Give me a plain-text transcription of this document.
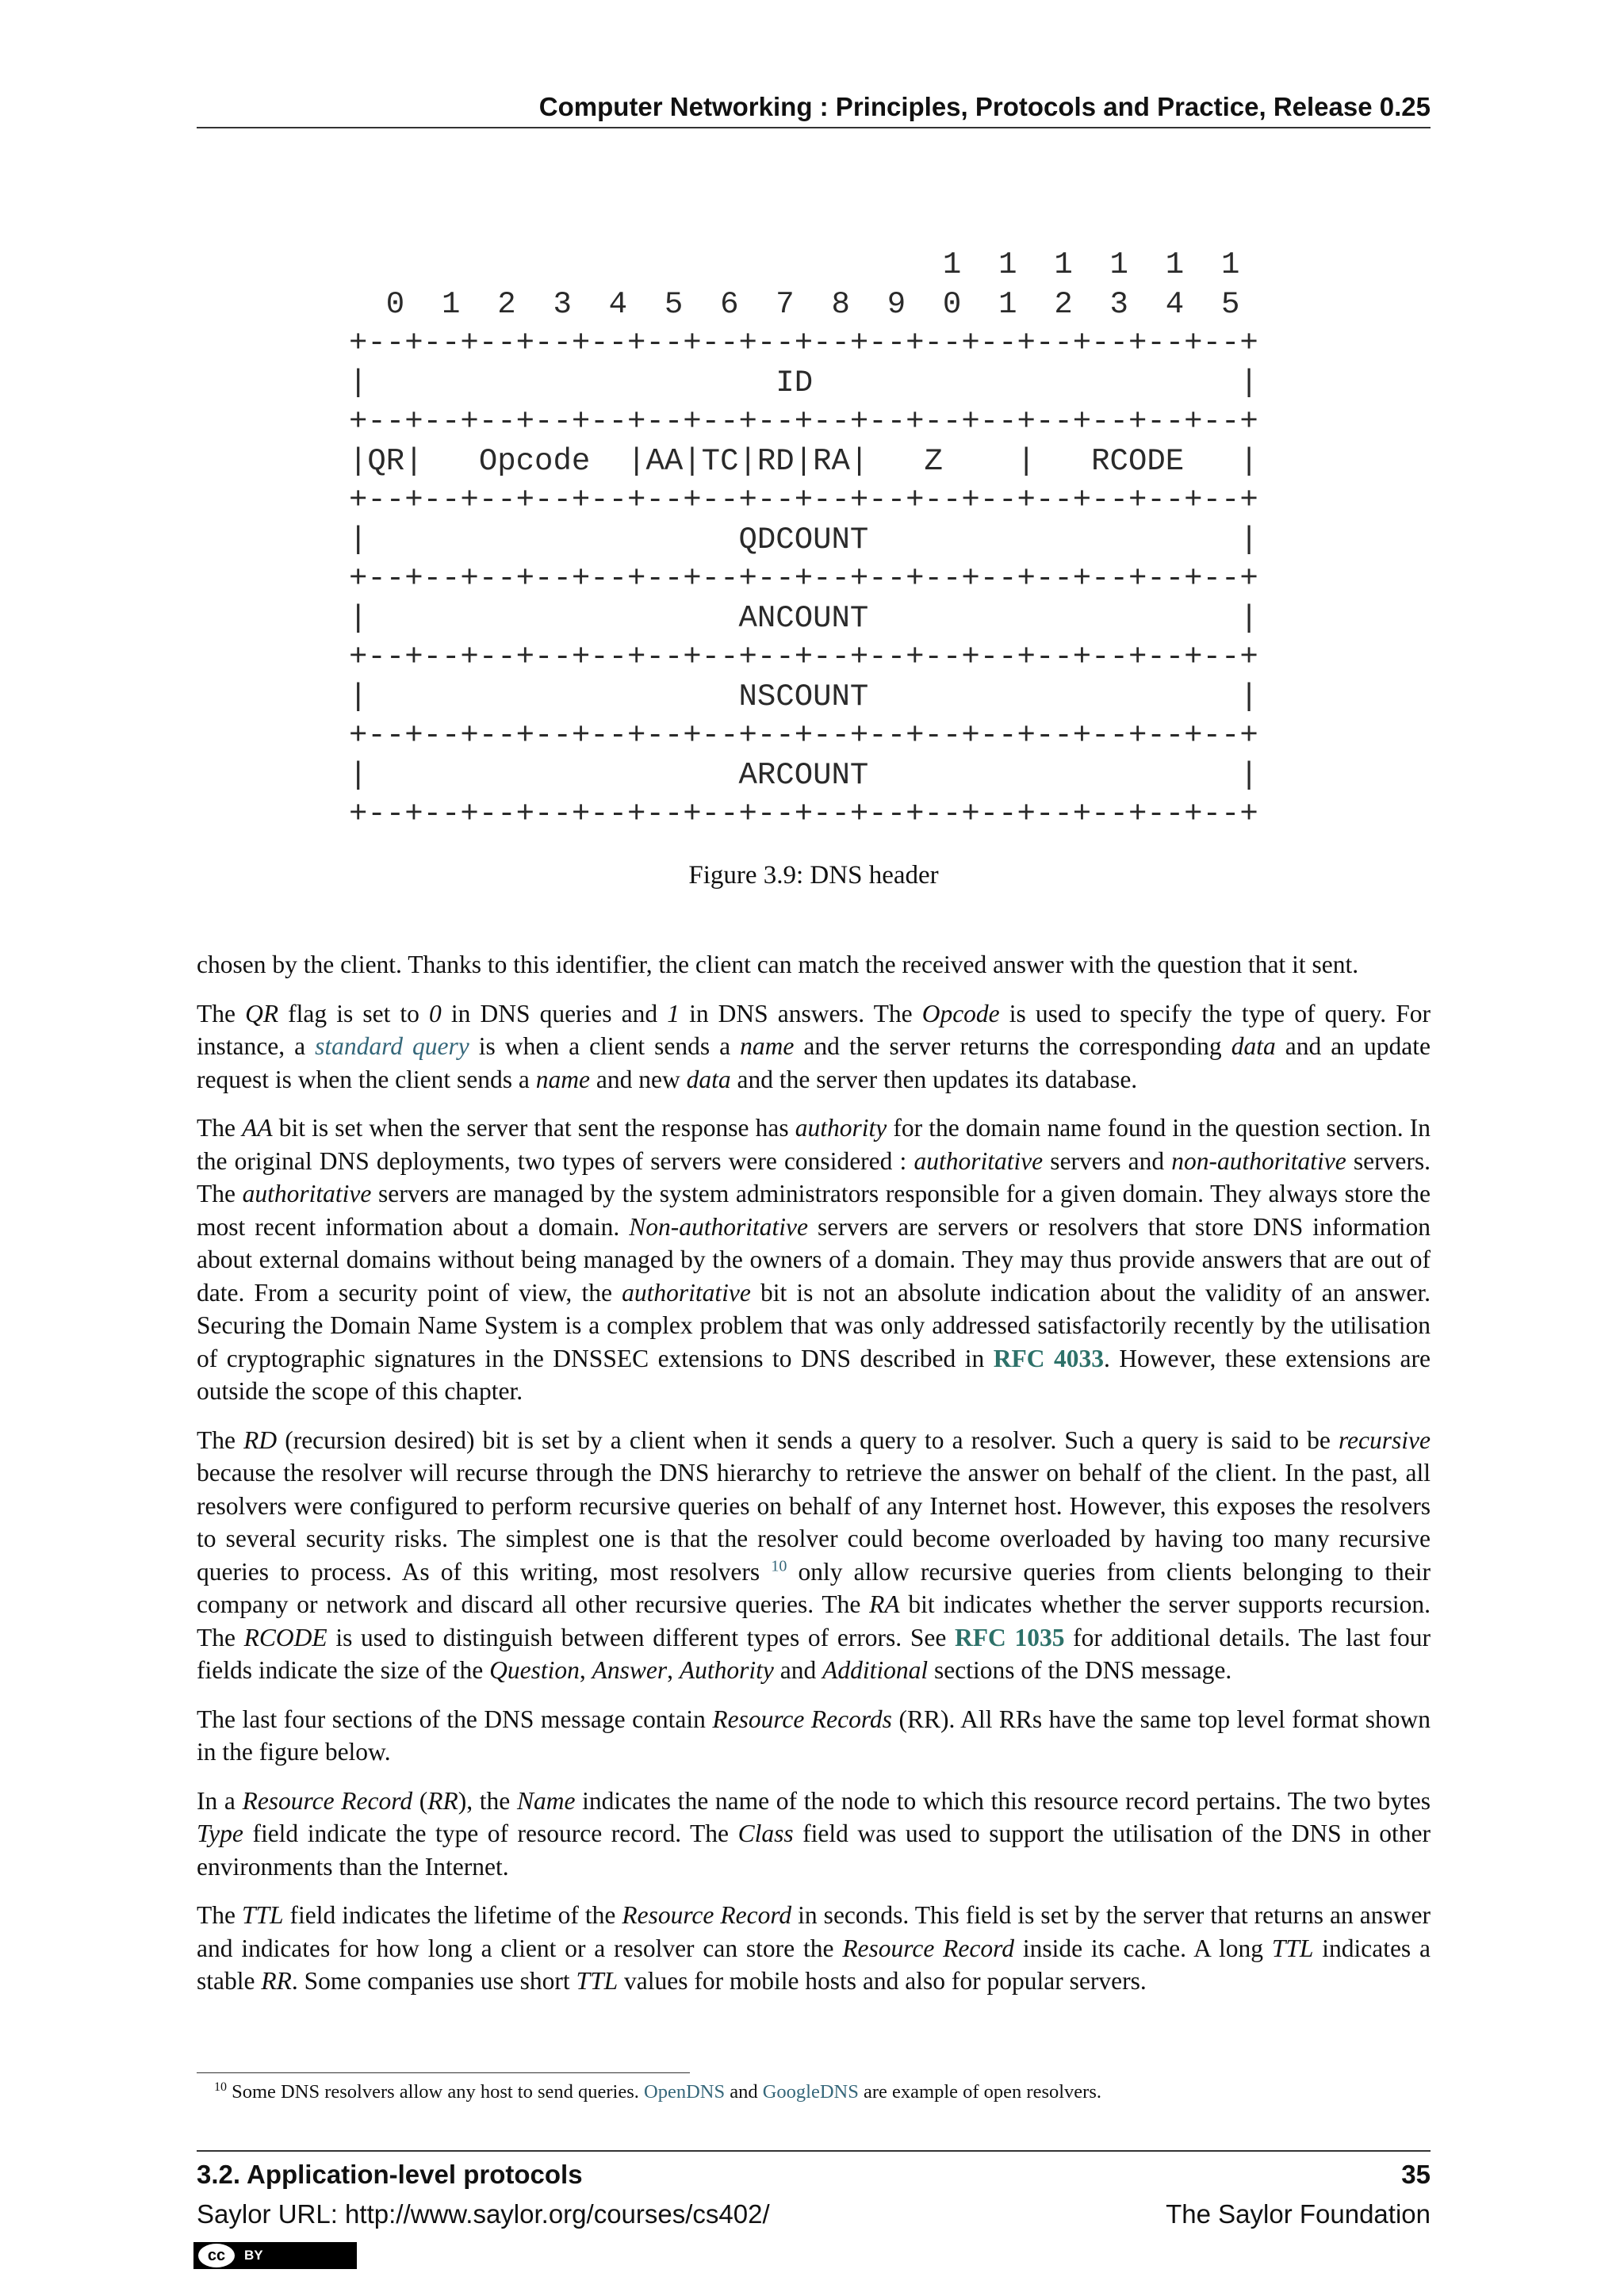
Computer Networking : Principles, Protocols and Practice, Release 0.25
1  1  1  1  1  1
0  1  2  3  4  5  6  7  8  9  0  1  2  3  4  5
+--+--+--+--+--+--+--+--+--+--+--+--+--+--+--+--+
|                      ID                       |
+--+--+--+--+--+--+--+--+--+--+--+--+--+--+--+--+
|QR|   Opcode  |AA|TC|RD|RA|   Z    |   RCODE   |
+--+--+--+--+--+--+--+--+--+--+--+--+--+--+--+--+
|                    QDCOUNT                    |
+--+--+--+--+--+--+--+--+--+--+--+--+--+--+--+--+
|                    ANCOUNT                    |
+--+--+--+--+--+--+--+--+--+--+--+--+--+--+--+--+
|                    NSCOUNT                    |
+--+--+--+--+--+--+--+--+--+--+--+--+--+--+--+--+
|                    ARCOUNT                    |
+--+--+--+--+--+--+--+--+--+--+--+--+--+--+--+--+
Figure 3.9: DNS header

chosen by the client. Thanks to this identifier, the client can match the received answer with the question that it sent.

The QR flag is set to 0 in DNS queries and 1 in DNS answers. The Opcode is used to specify the type of query. For instance, a standard query is when a client sends a name and the server returns the corresponding data and an update request is when the client sends a name and new data and the server then updates its database.

The AA bit is set when the server that sent the response has authority for the domain name found in the question section. In the original DNS deployments, two types of servers were considered : authoritative servers and non-authoritative servers. The authoritative servers are managed by the system administrators responsible for a given domain. They always store the most recent information about a domain. Non-authoritative servers are servers or resolvers that store DNS information about external domains without being managed by the owners of a domain. They may thus provide answers that are out of date. From a security point of view, the authoritative bit is not an absolute indication about the validity of an answer. Securing the Domain Name System is a complex problem that was only addressed satisfactorily recently by the utilisation of cryptographic signatures in the DNSSEC extensions to DNS described in RFC 4033. However, these extensions are outside the scope of this chapter.

The RD (recursion desired) bit is set by a client when it sends a query to a resolver. Such a query is said to be recursive because the resolver will recurse through the DNS hierarchy to retrieve the answer on behalf of the client. In the past, all resolvers were configured to perform recursive queries on behalf of any Internet host. However, this exposes the resolvers to several security risks. The simplest one is that the resolver could become overloaded by having too many recursive queries to process. As of this writing, most resolvers $^{10}$ only allow recursive queries from clients belonging to their company or network and discard all other recursive queries. The RA bit indicates whether the server supports recursion. The RCODE is used to distinguish between different types of errors. See RFC 1035 for additional details. The last four fields indicate the size of the Question, Answer, Authority and Additional sections of the DNS message.

The last four sections of the DNS message contain Resource Records (RR). All RRs have the same top level format shown in the figure below.

In a Resource Record (RR), the Name indicates the name of the node to which this resource record pertains. The two bytes Type field indicate the type of resource record. The Class field was used to support the utilisation of the DNS in other environments than the Internet.

The TTL field indicates the lifetime of the Resource Record in seconds. This field is set by the server that returns an answer and indicates for how long a client or a resolver can store the Resource Record inside its cache. A long TTL indicates a stable RR. Some companies use short TTL values for mobile hosts and also for popular servers.

$^{10}$ Some DNS resolvers allow any host to send queries. OpenDNS and GoogleDNS are example of open resolvers.
3.2. Application-level protocols	35
Saylor URL: http://www.saylor.org/courses/cs402/	The Saylor Foundation
cc	BY
